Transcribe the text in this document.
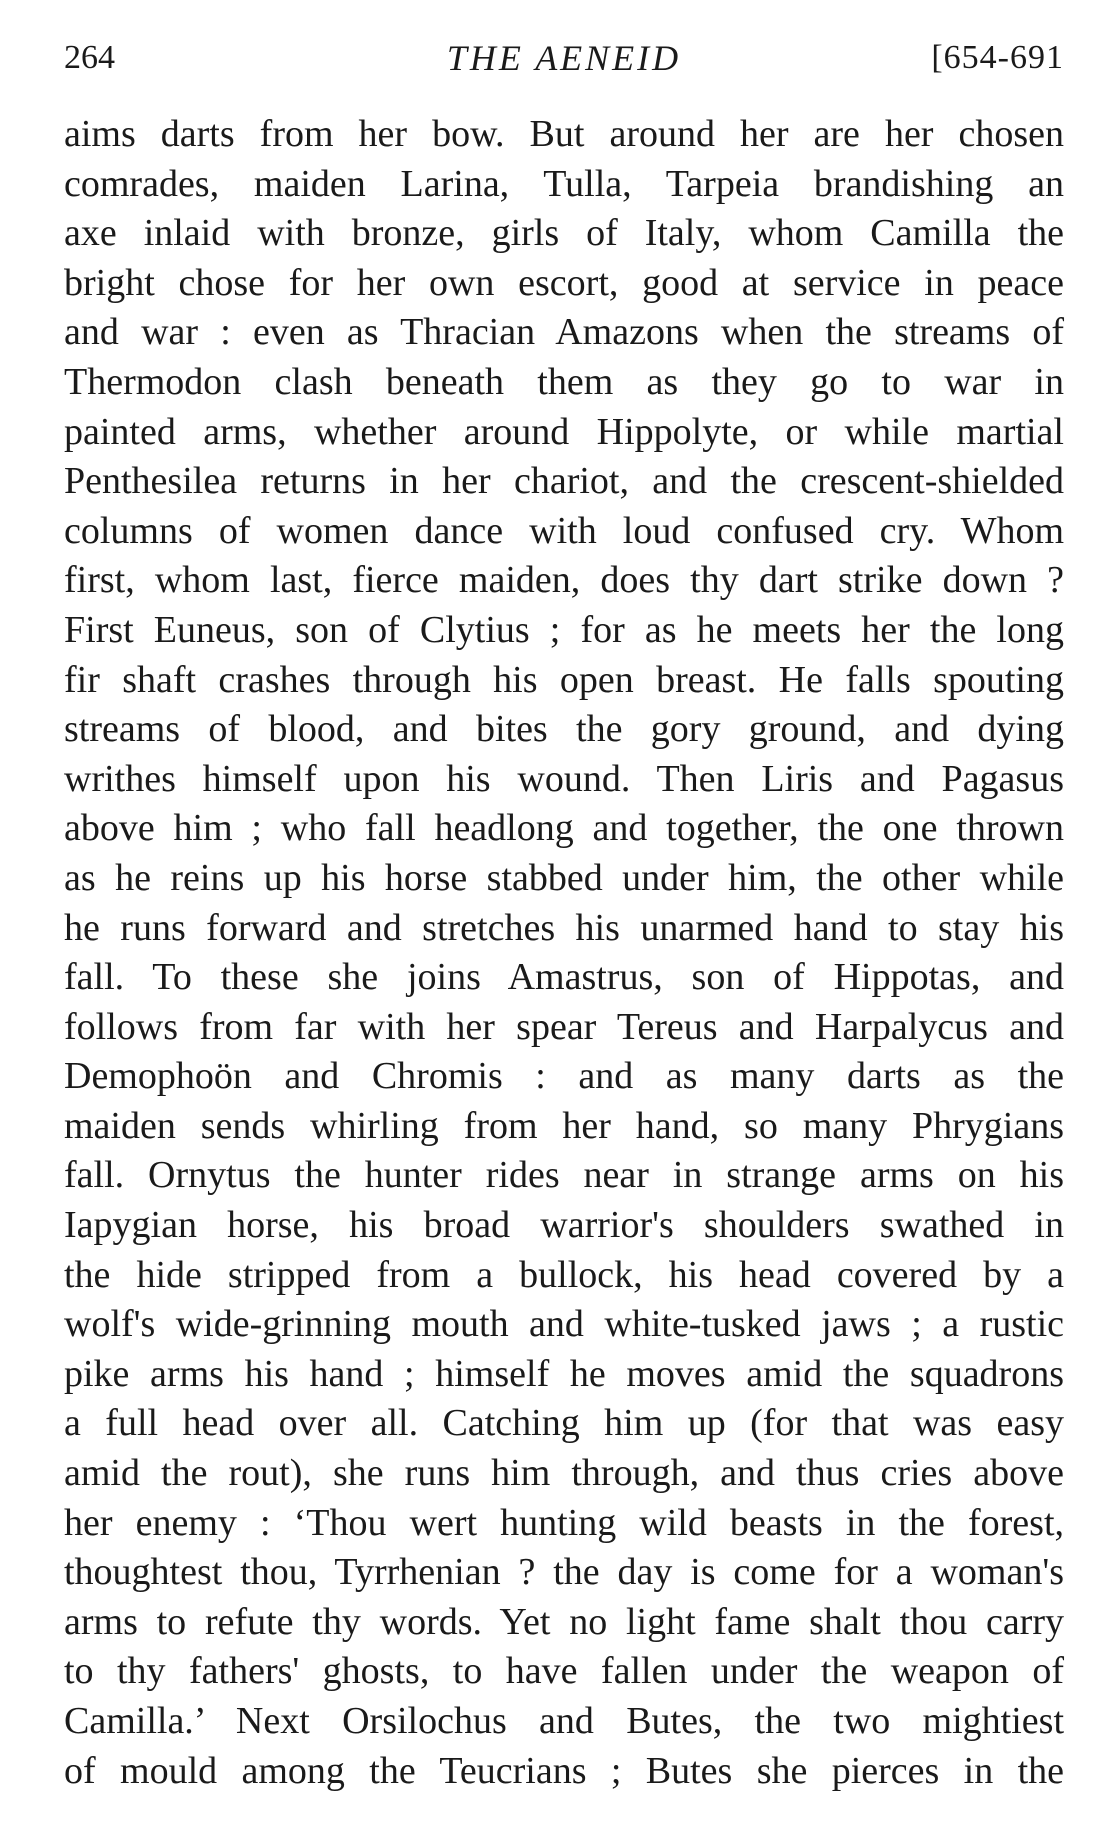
264	THE AENEID	[654-691
aims darts from her bow. But around her are her chosen
comrades, maiden Larina, Tulla, Tarpeia brandishing an
axe inlaid with bronze, girls of Italy, whom Camilla the
bright chose for her own escort, good at service in peace
and war : even as Thracian Amazons when the streams of
Thermodon clash beneath them as they go to war in
painted arms, whether around Hippolyte, or while martial
Penthesilea returns in her chariot, and the crescent-shielded
columns of women dance with loud confused cry. Whom
first, whom last, fierce maiden, does thy dart strike down ?
First Euneus, son of Clytius ; for as he meets her the long
fir shaft crashes through his open breast. He falls spouting
streams of blood, and bites the gory ground, and dying
writhes himself upon his wound. Then Liris and Pagasus
above him ; who fall headlong and together, the one thrown
as he reins up his horse stabbed under him, the other while
he runs forward and stretches his unarmed hand to stay his
fall. To these she joins Amastrus, son of Hippotas, and
follows from far with her spear Tereus and Harpalycus and
Demophoön and Chromis : and as many darts as the
maiden sends whirling from her hand, so many Phrygians
fall. Ornytus the hunter rides near in strange arms on his
Iapygian horse, his broad warrior's shoulders swathed in
the hide stripped from a bullock, his head covered by a
wolf's wide-grinning mouth and white-tusked jaws ; a rustic
pike arms his hand ; himself he moves amid the squadrons
a full head over all. Catching him up (for that was easy
amid the rout), she runs him through, and thus cries above
her enemy : ‘Thou wert hunting wild beasts in the forest,
thoughtest thou, Tyrrhenian ? the day is come for a woman's
arms to refute thy words. Yet no light fame shalt thou carry
to thy fathers' ghosts, to have fallen under the weapon of
Camilla.’ Next Orsilochus and Butes, the two mightiest
of mould among the Teucrians ; Butes she pierces in the
